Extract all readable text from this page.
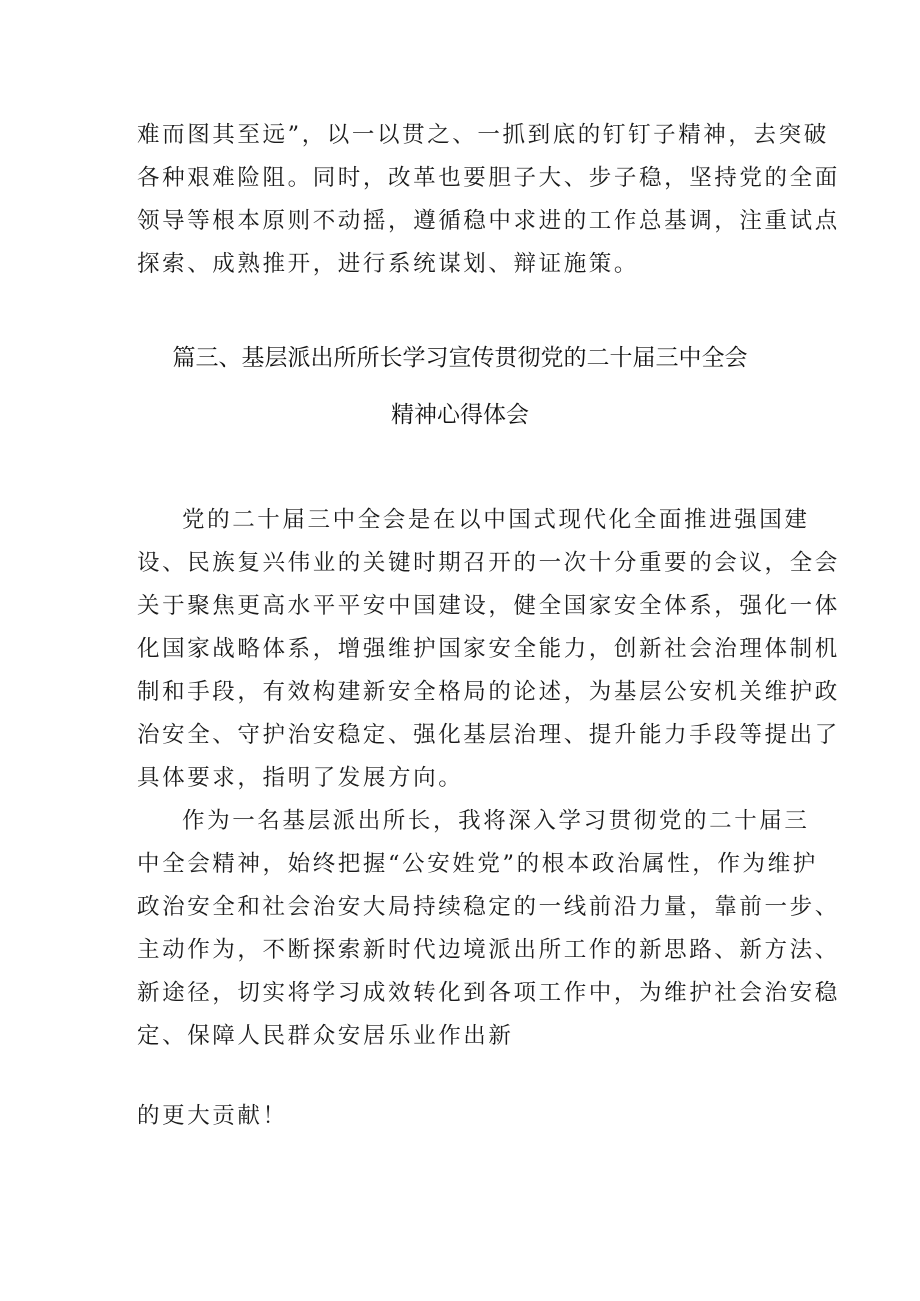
难而图其至远”，以一以贯之、一抓到底的钉钉子精神，去突破
各种艰难险阻。同时，改革也要胆子大、步子稳，坚持党的全面
领导等根本原则不动摇，遵循稳中求进的工作总基调，注重试点
探索、成熟推开，进行系统谋划、辩证施策。
篇三、基层派出所所长学习宣传贯彻党的二十届三中全会
精神心得体会
党的二十届三中全会是在以中国式现代化全面推进强国建
设、民族复兴伟业的关键时期召开的一次十分重要的会议，全会
关于聚焦更高水平平安中国建设，健全国家安全体系，强化一体
化国家战略体系，增强维护国家安全能力，创新社会治理体制机
制和手段，有效构建新安全格局的论述，为基层公安机关维护政
治安全、守护治安稳定、强化基层治理、提升能力手段等提出了
具体要求，指明了发展方向。
作为一名基层派出所长，我将深入学习贯彻党的二十届三
中全会精神，始终把握“公安姓党”的根本政治属性，作为维护
政治安全和社会治安大局持续稳定的一线前沿力量，靠前一步、
主动作为，不断探索新时代边境派出所工作的新思路、新方法、
新途径，切实将学习成效转化到各项工作中，为维护社会治安稳
定、保障人民群众安居乐业作出新
的更大贡献！
